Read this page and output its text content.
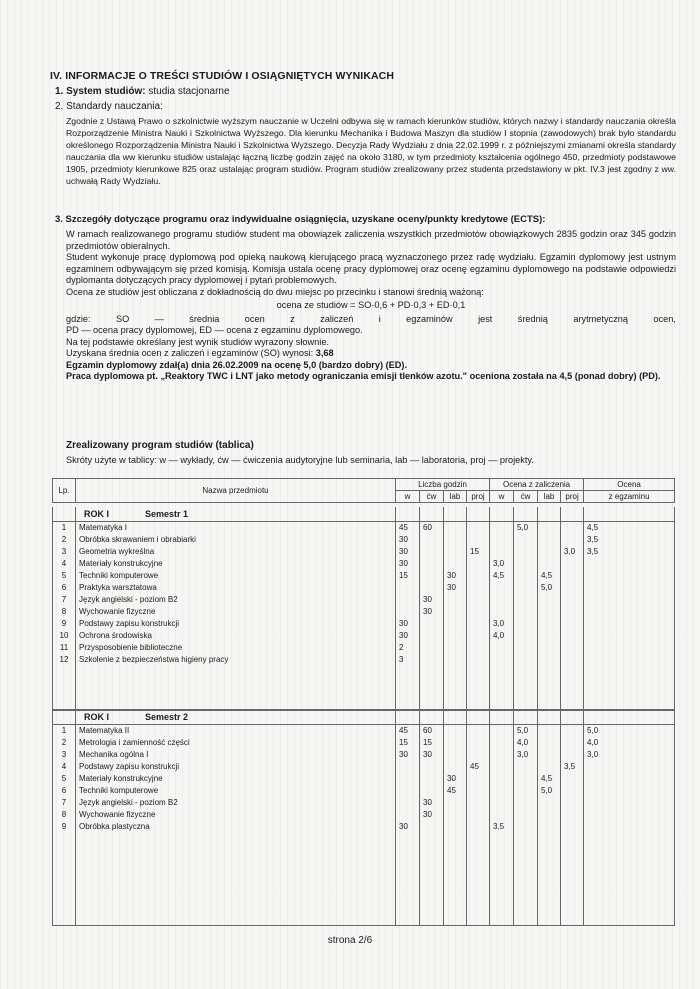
IV. INFORMACJE O TREŚCI STUDIÓW I OSIĄGNIĘTYCH WYNIKACH
1. System studiów: studia stacjonarne
2. Standardy nauczania:

Zgodnie z Ustawą Prawo o szkolnictwie wyższym nauczanie w Uczelni odbywa się w ramach kierunków studiów, których nazwy i standardy nauczania określa Rozporządzenie Ministra Nauki i Szkolnictwa Wyższego. Dla kierunku Mechanika i Budowa Maszyn dla studiów I stopnia (zawodowych) brak było standardu określonego Rozporządzenia Ministra Nauki i Szkolnictwa Wyższego. Decyzja Rady Wydziału z dnia 22.02.1999 r. z późniejszymi zmianami określa standardy nauczania dla ww kierunku studiów ustalając łączną liczbę godzin zajęć na około 3180, w tym przedmioty kształcenia ogólnego 450, przedmioty podstawowe 1905, przedmioty kierunkowe 825 oraz ustalając program studiów. Program studiów zrealizowany przez studenta przedstawiony w pkt. IV.3 jest zgodny z ww. uchwałą Rady Wydziału.

3. Szczegóły dotyczące programu oraz indywidualne osiągnięcia, uzyskane oceny/punkty kredytowe (ECTS):

W ramach realizowanego programu studiów student ma obowiązek zaliczenia wszystkich przedmiotów obowiązkowych 2835 godzin oraz 345 godzin przedmiotów obieralnych.

Student wykonuje pracę dyplomową pod opieką naukową kierującego pracą wyznaczonego przez radę wydziału. Egzamin dyplomowy jest ustnym egzaminem odbywającym się przed komisją. Komisja ustala ocenę pracy dyplomowej oraz ocenę egzaminu dyplomowego na podstawie odpowiedzi dyplomanta dotyczących pracy dyplomowej i pytań problemowych.

Ocena ze studiów jest obliczana z dokładnością do dwu miejsc po przecinku i stanowi średnią ważoną:

ocena ze studiów = SO·0,6 + PD·0,3 + ED·0,1

gdzie:	SO	—	średnia	ocen	z	zaliczeń	i	egzaminów	jest	średnią	arytmetyczną	ocen,

PD — ocena pracy dyplomowej, ED — ocena z egzaminu dyplomowego.

Na tej podstawie określany jest wynik studiów wyrazony słownie.

Uzyskana średnia ocen z zaliczeń i egzaminów (SO) wynosi: 3,68

Egzamin dyplomowy zdał(a) dnia 26.02.2009 na ocenę 5,0 (bardzo dobry) (ED).

Praca dyplomowa pt. „Reaktory TWC i LNT jako metody ograniczania emisji tlenków azotu." oceniona została na 4,5 (ponad dobry) (PD).

Zrealizowany program studiów (tablica)
Skróty użyte w tablicy: w — wykłady, ćw — ćwiczenia audytoryjne lub seminaria, lab — laboratoria, proj — projekty.
Lp.	Nazwa przedmiotu	Liczba godzin				Ocena z zaliczenia				Ocena
		w	ćw	lab	proj	w	ćw	lab	proj	z egzaminu
	ROK I Semestr 1									
1	Matematyka I	45	60				5,0			4,5
2	Obróbka skrawaniem i obrabiarki	30								3,5
3	Geometria wykreślna	30			15				3,0	3,5
4	Materiały konstrukcyjne	30				3,0				
5	Techniki komputerowe	15		30		4,5		4,5		
6	Praktyka warsztatowa			30				5,0		
7	Język angielski - poziom B2		30							
8	Wychowanie fizyczne		30							
9	Podstawy zapisu konstrukcji	30				3,0				
10	Ochrona środowiska	30				4,0				
11	Przysposobienie biblioteczne	2								
12	Szkolenie z bezpieczeństwa higieny pracy	3								

	ROK I Semestr 2									
1	Matematyka II	45	60				5,0			5,0
2	Metrologia i zamienność części	15	15				4,0			4,0
3	Mechanika ogólna I	30	30				3,0			3,0
4	Podstawy zapisu konstrukcji				45				3,5	
5	Materiały konstrukcyjne			30				4,5		
6	Techniki komputerowe			45				5,0		
7	Język angielski - poziom B2		30							
8	Wychowanie fizyczne		30							
9	Obróbka plastyczna	30				3,5				

strona 2/6
